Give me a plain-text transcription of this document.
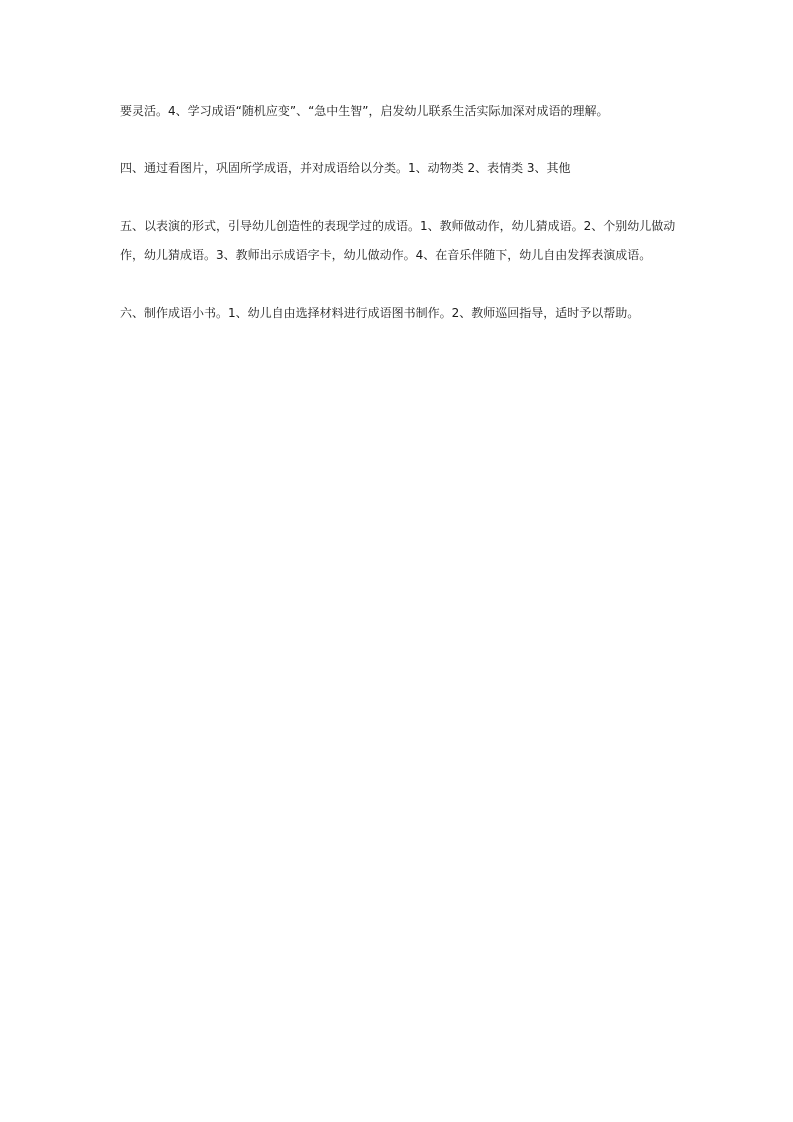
要灵活。4、学习成语“随机应变”、“急中生智”，启发幼儿联系生活实际加深对成语的理解。

四、通过看图片，巩固所学成语，并对成语给以分类。1、动物类 2、表情类 3、其他

五、以表演的形式，引导幼儿创造性的表现学过的成语。1、教师做动作，幼儿猜成语。2、个别幼儿做动
作，幼儿猜成语。3、教师出示成语字卡，幼儿做动作。4、在音乐伴随下，幼儿自由发挥表演成语。

六、制作成语小书。1、幼儿自由选择材料进行成语图书制作。2、教师巡回指导，适时予以帮助。
